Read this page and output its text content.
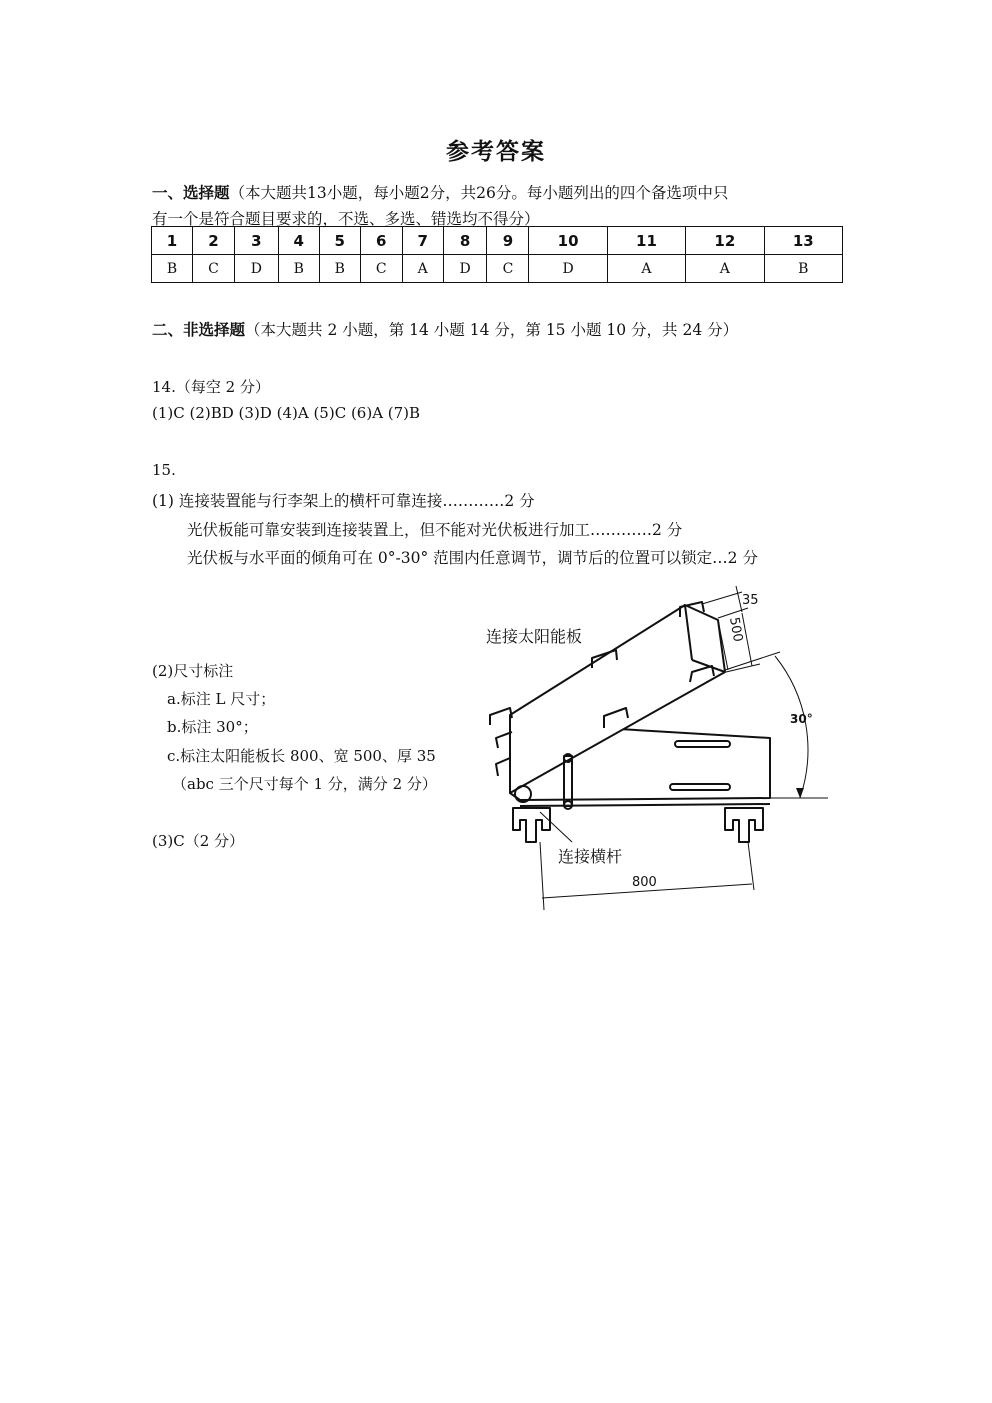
参考答案
一、选择题（本大题共13小题，每小题2分，共26分。每小题列出的四个备选项中只
有一个是符合题目要求的，不选、多选、错选均不得分）
1	2	3	4	5	6	7	8	9	10	11	12	13
B	C	D	B	B	C	A	D	C	D	A	A	B
二、非选择题（本大题共 2 小题，第 14 小题 14 分，第 15 小题 10 分，共 24 分）
14.（每空 2 分）
(1)C (2)BD (3)D (4)A (5)C (6)A (7)B
15.
(1) 连接装置能与行李架上的横杆可靠连接…………2 分
光伏板能可靠安装到连接装置上，但不能对光伏板进行加工…………2 分
光伏板与水平面的倾角可在 0°-30° 范围内任意调节，调节后的位置可以锁定…2 分
(2)尺寸标注
a.标注 L 尺寸；
b.标注 30°；
c.标注太阳能板长 800、宽 500、厚 35
（abc 三个尺寸每个 1 分，满分 2 分）
(3)C（2 分）
连接太阳能板
连接横杆
35
500
800
30°
